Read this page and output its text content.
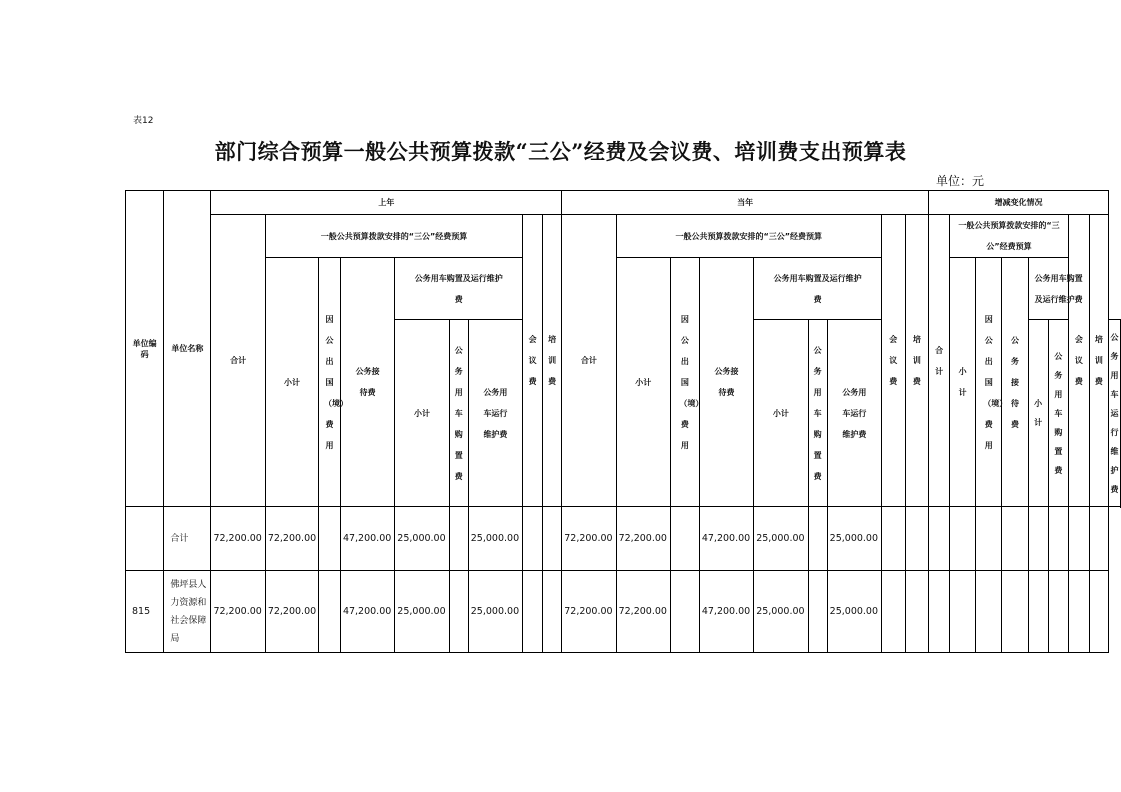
表12
部门综合预算一般公共预算拨款“三公”经费及会议费、培训费支出预算表
单位：元
单位编码	单位名称	上年									当年									增减变化情况								
		合计	一般公共预算拨款安排的“三公”经费预算						会议费	培训费	合计	一般公共预算拨款安排的“三公”经费预算						会议费	培训费	合计	一般公共预算拨款安排的“三公”经费预算					会议费	培训费	
			小计	因公出国（境）费用	公务接待费	公务用车购置及运行维护费						小计	因公出国（境）费用	公务接待费	公务用车购置及运行维护费						小计	因公出国（境）费用	公务接待费	公务用车购置及运行维护费				
						小计	公务用车购置费	公务用车运行维护费							小计	公务用车购置费	公务用车运行维护费							小计	公务用车购置费			公务用车运行维护费

	合计	72,200.00	72,200.00		47,200.00	25,000.00		25,000.00			72,200.00	72,200.00		47,200.00	25,000.00		25,000.00											
815	佛坪县人力资源和社会保障局	72,200.00	72,200.00		47,200.00	25,000.00		25,000.00			72,200.00	72,200.00		47,200.00	25,000.00		25,000.00											
